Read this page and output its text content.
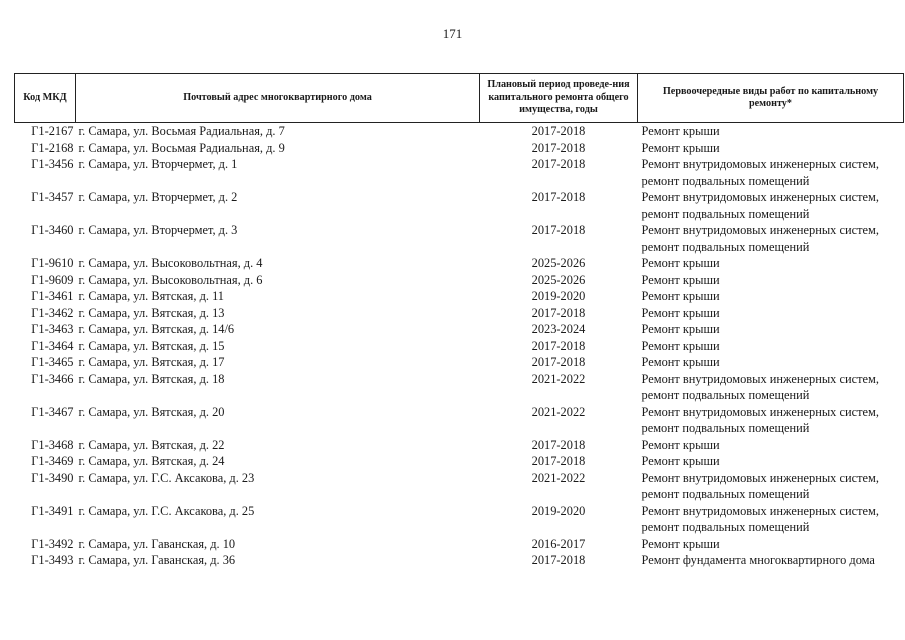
171
Код МКД	Почтовый адрес многоквартирного дома	Плановый период проведе-ния капитального ремонта общего имущества, годы	Первоочередные виды работ по капитальному ремонту*
Г1-2167	г. Самара, ул. Восьмая Радиальная, д. 7	2017-2018	Ремонт крыши

Г1-2168	г. Самара, ул. Восьмая Радиальная, д. 9	2017-2018	Ремонт крыши

Г1-3456	г. Самара, ул. Вторчермет, д. 1	2017-2018	Ремонт внутридомовых инженерных систем,
ремонт подвальных помещений

Г1-3457	г. Самара, ул. Вторчермет, д. 2	2017-2018	Ремонт внутридомовых инженерных систем,
ремонт подвальных помещений

Г1-3460	г. Самара, ул. Вторчермет, д. 3	2017-2018	Ремонт внутридомовых инженерных систем,
ремонт подвальных помещений

Г1-9610	г. Самара, ул. Высоковольтная, д. 4	2025-2026	Ремонт крыши

Г1-9609	г. Самара, ул. Высоковольтная, д. 6	2025-2026	Ремонт крыши

Г1-3461	г. Самара, ул. Вятская, д. 11	2019-2020	Ремонт крыши

Г1-3462	г. Самара, ул. Вятская, д. 13	2017-2018	Ремонт крыши

Г1-3463	г. Самара, ул. Вятская, д. 14/6	2023-2024	Ремонт крыши

Г1-3464	г. Самара, ул. Вятская, д. 15	2017-2018	Ремонт крыши

Г1-3465	г. Самара, ул. Вятская, д. 17	2017-2018	Ремонт крыши

Г1-3466	г. Самара, ул. Вятская, д. 18	2021-2022	Ремонт внутридомовых инженерных систем,
ремонт подвальных помещений

Г1-3467	г. Самара, ул. Вятская, д. 20	2021-2022	Ремонт внутридомовых инженерных систем,
ремонт подвальных помещений

Г1-3468	г. Самара, ул. Вятская, д. 22	2017-2018	Ремонт крыши

Г1-3469	г. Самара, ул. Вятская, д. 24	2017-2018	Ремонт крыши

Г1-3490	г. Самара, ул. Г.С. Аксакова, д. 23	2021-2022	Ремонт внутридомовых инженерных систем,
ремонт подвальных помещений

Г1-3491	г. Самара, ул. Г.С. Аксакова, д. 25	2019-2020	Ремонт внутридомовых инженерных систем,
ремонт подвальных помещений

Г1-3492	г. Самара, ул. Гаванская, д. 10	2016-2017	Ремонт крыши

Г1-3493	г. Самара, ул. Гаванская, д. 36	2017-2018	Ремонт фундамента многоквартирного дома
